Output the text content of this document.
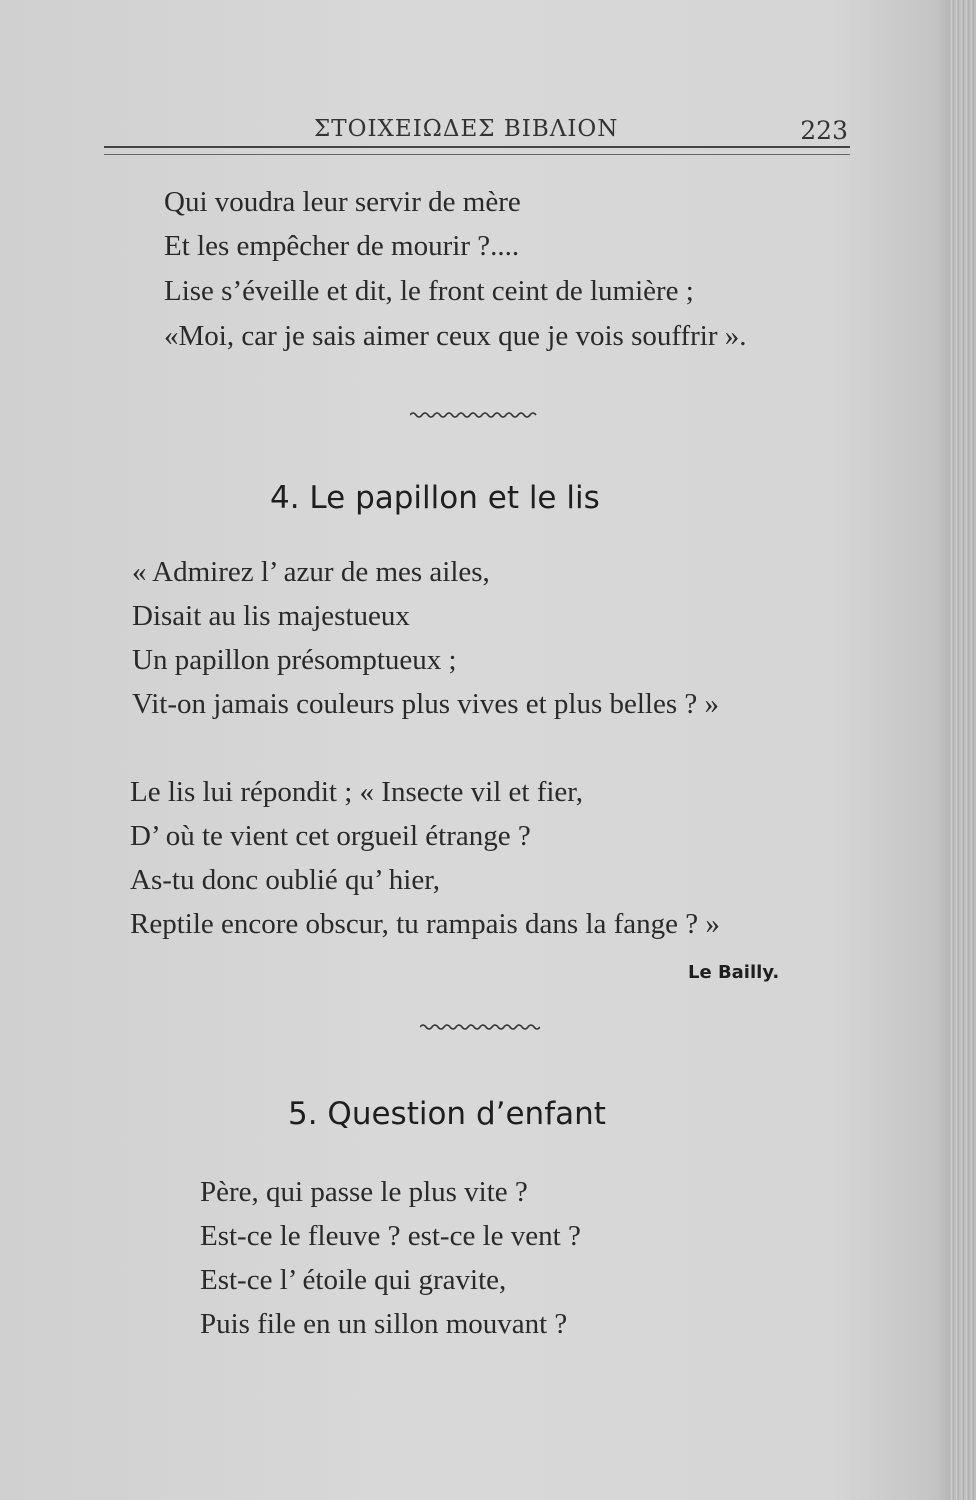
ΣΤΟΙΧΕΙΩΔΕΣ ΒΙΒΛΙΟΝ	223
Qui voudra leur servir de mère
Et les empêcher de mourir ?....
Lise s’éveille et dit, le front ceint de lumière ;
«Moi, car je sais aimer ceux que je vois souffrir ».
4. Le papillon et le lis
« Admirez l’ azur de mes ailes,
Disait au lis majestueux
Un papillon présomptueux ;
Vit-on jamais couleurs plus vives et plus belles ? »
Le lis lui répondit ; « Insecte vil et fier,
D’ où te vient cet orgueil étrange ?
As-tu donc oublié qu’ hier,
Reptile encore obscur, tu rampais dans la fange ? »
Le Bailly.
5. Question d’enfant
Père, qui passe le plus vite ?
Est-ce le fleuve ? est-ce le vent ?
Est-ce l’ étoile qui gravite,
Puis file en un sillon mouvant ?
